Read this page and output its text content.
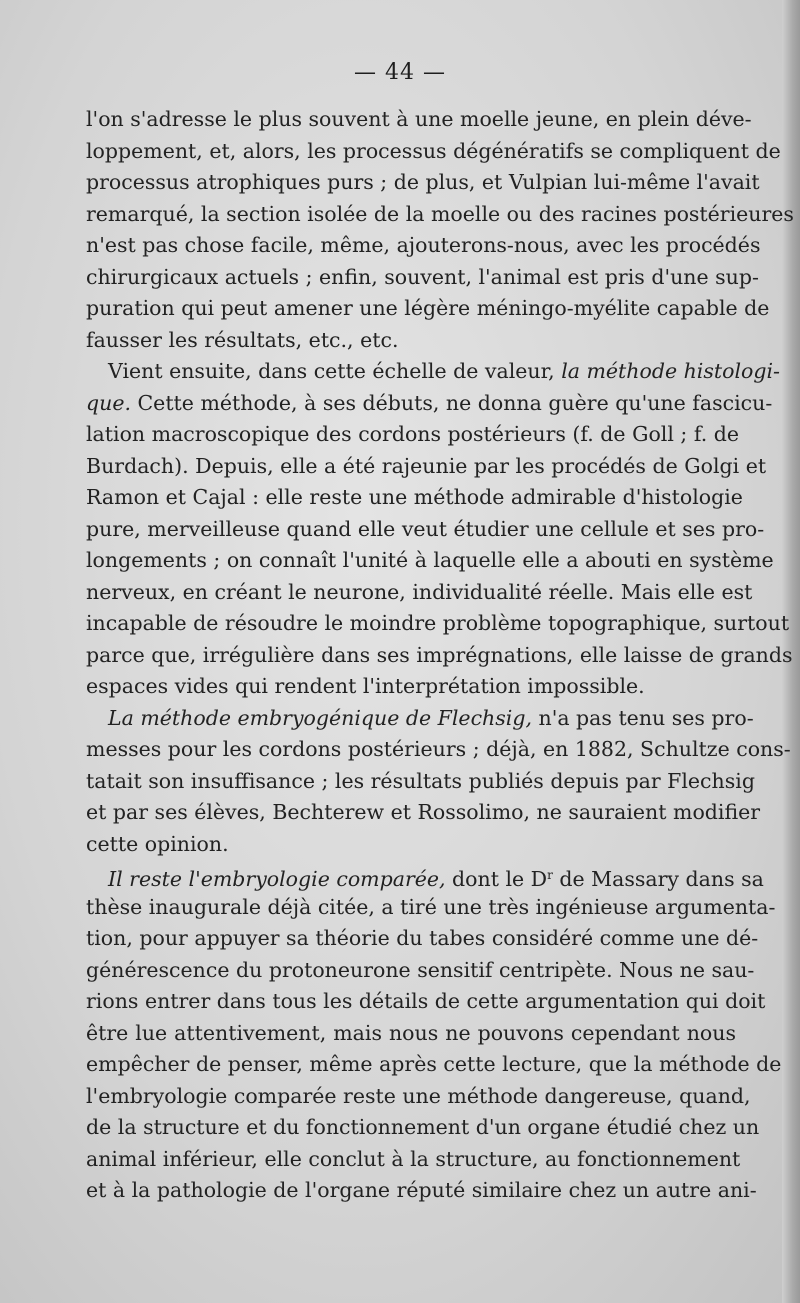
— 44 —
l'on s'adresse le plus souvent à une moelle jeune, en plein déve-
loppement, et, alors, les processus dégénératifs se compliquent de
processus atrophiques purs ; de plus, et Vulpian lui-même l'avait
remarqué, la section isolée de la moelle ou des racines postérieures
n'est pas chose facile, même, ajouterons-nous, avec les procédés
chirurgicaux actuels ; enfin, souvent, l'animal est pris d'une sup-
puration qui peut amener une légère méningo-myélite capable de
fausser les résultats, etc., etc.
Vient ensuite, dans cette échelle de valeur, la méthode histologi-
que. Cette méthode, à ses débuts, ne donna guère qu'une fascicu-
lation macroscopique des cordons postérieurs (f. de Goll ; f. de
Burdach). Depuis, elle a été rajeunie par les procédés de Golgi et
Ramon et Cajal : elle reste une méthode admirable d'histologie
pure, merveilleuse quand elle veut étudier une cellule et ses pro-
longements ; on connaît l'unité à laquelle elle a abouti en système
nerveux, en créant le neurone, individualité réelle. Mais elle est
incapable de résoudre le moindre problème topographique, surtout
parce que, irrégulière dans ses imprégnations, elle laisse de grands
espaces vides qui rendent l'interprétation impossible.
La méthode embryogénique de Flechsig, n'a pas tenu ses pro-
messes pour les cordons postérieurs ; déjà, en 1882, Schultze cons-
tatait son insuffisance ; les résultats publiés depuis par Flechsig
et par ses élèves, Bechterew et Rossolimo, ne sauraient modifier
cette opinion.
Il reste l'embryologie comparée, dont le $D^r$ de Massary dans sa
thèse inaugurale déjà citée, a tiré une très ingénieuse argumenta-
tion, pour appuyer sa théorie du tabes considéré comme une dé-
générescence du protoneurone sensitif centripète. Nous ne sau-
rions entrer dans tous les détails de cette argumentation qui doit
être lue attentivement, mais nous ne pouvons cependant nous
empêcher de penser, même après cette lecture, que la méthode de
l'embryologie comparée reste une méthode dangereuse, quand,
de la structure et du fonctionnement d'un organe étudié chez un
animal inférieur, elle conclut à la structure, au fonctionnement
et à la pathologie de l'organe réputé similaire chez un autre ani-
